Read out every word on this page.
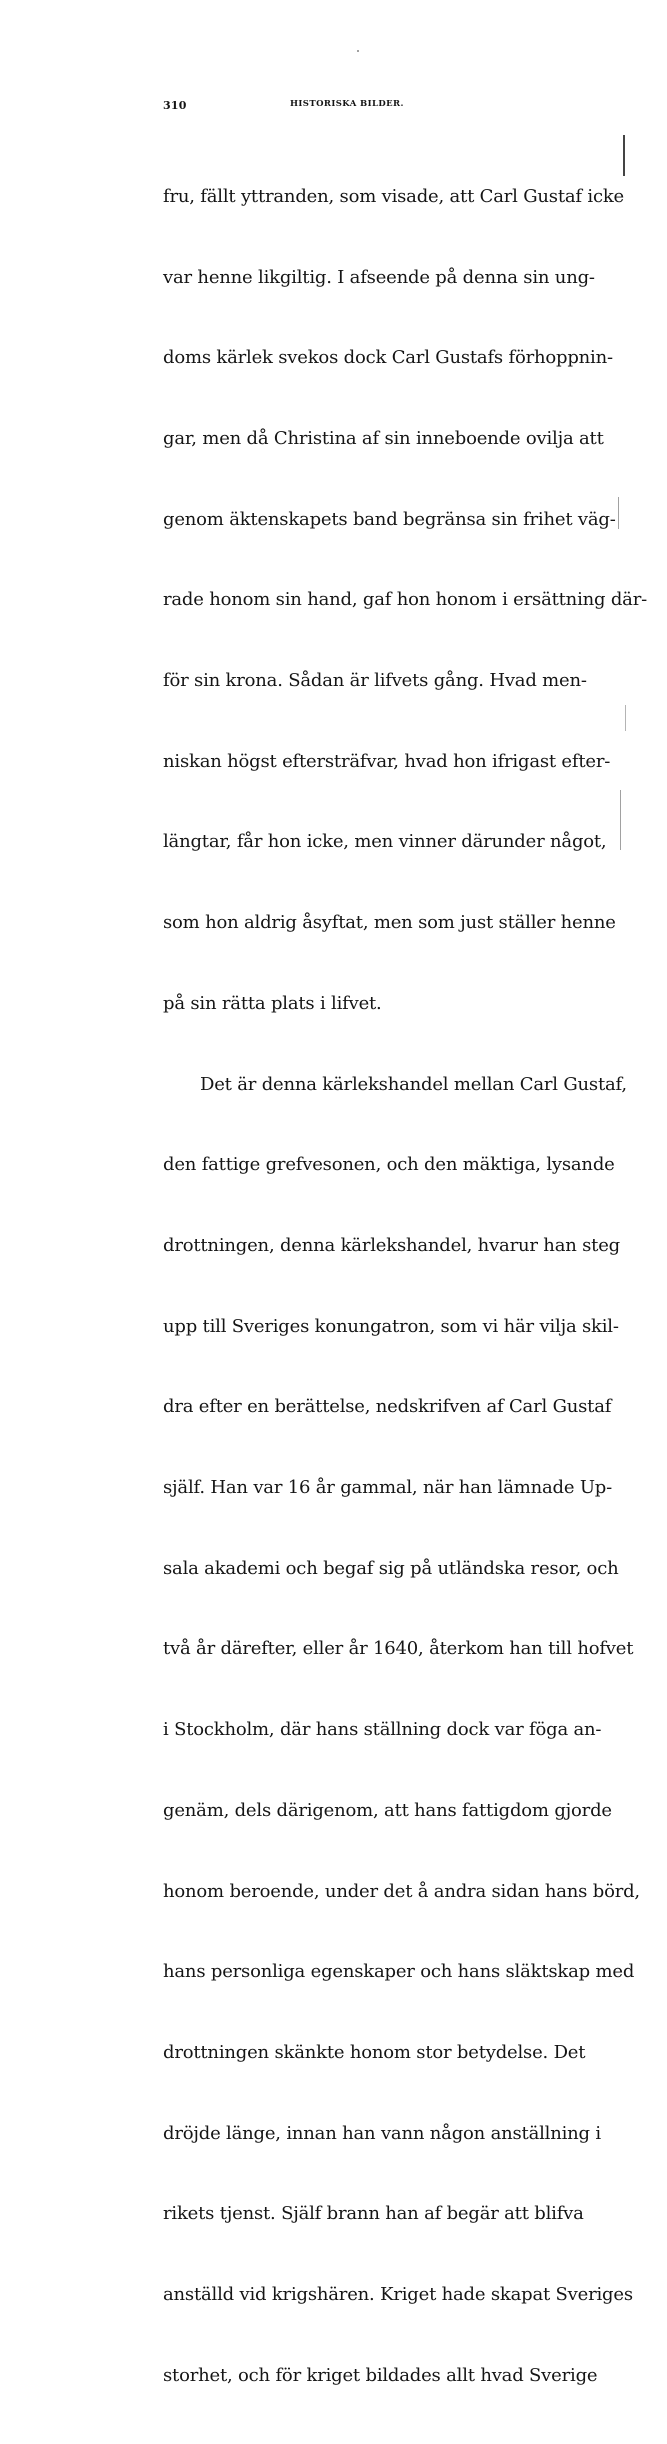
310	HISTORISKA BILDER.

fru, fällt yttranden, som visade, att Carl Gustaf icke

var henne likgiltig. I afseende på denna sin ung-

doms kärlek svekos dock Carl Gustafs förhoppnin-

gar, men då Christina af sin inneboende ovilja att

genom äktenskapets band begränsa sin frihet väg-

rade honom sin hand, gaf hon honom i ersättning där-

för sin krona. Sådan är lifvets gång. Hvad men-

niskan högst eftersträfvar, hvad hon ifrigast efter-

längtar, får hon icke, men vinner därunder något,

som hon aldrig åsyftat, men som just ställer henne

på sin rätta plats i lifvet.

Det är denna kärlekshandel mellan Carl Gustaf,

den fattige grefvesonen, och den mäktiga, lysande

drottningen, denna kärlekshandel, hvarur han steg

upp till Sveriges konungatron, som vi här vilja skil-

dra efter en berättelse, nedskrifven af Carl Gustaf

själf. Han var 16 år gammal, när han lämnade Up-

sala akademi och begaf sig på utländska resor, och

två år därefter, eller år 1640, återkom han till hofvet

i Stockholm, där hans ställning dock var föga an-

genäm, dels därigenom, att hans fattigdom gjorde

honom beroende, under det å andra sidan hans börd,

hans personliga egenskaper och hans släktskap med

drottningen skänkte honom stor betydelse. Det

dröjde länge, innan han vann någon anställning i

rikets tjenst. Själf brann han af begär att blifva

anställd vid krigshären. Kriget hade skapat Sveriges

storhet, och för kriget bildades allt hvad Sverige
